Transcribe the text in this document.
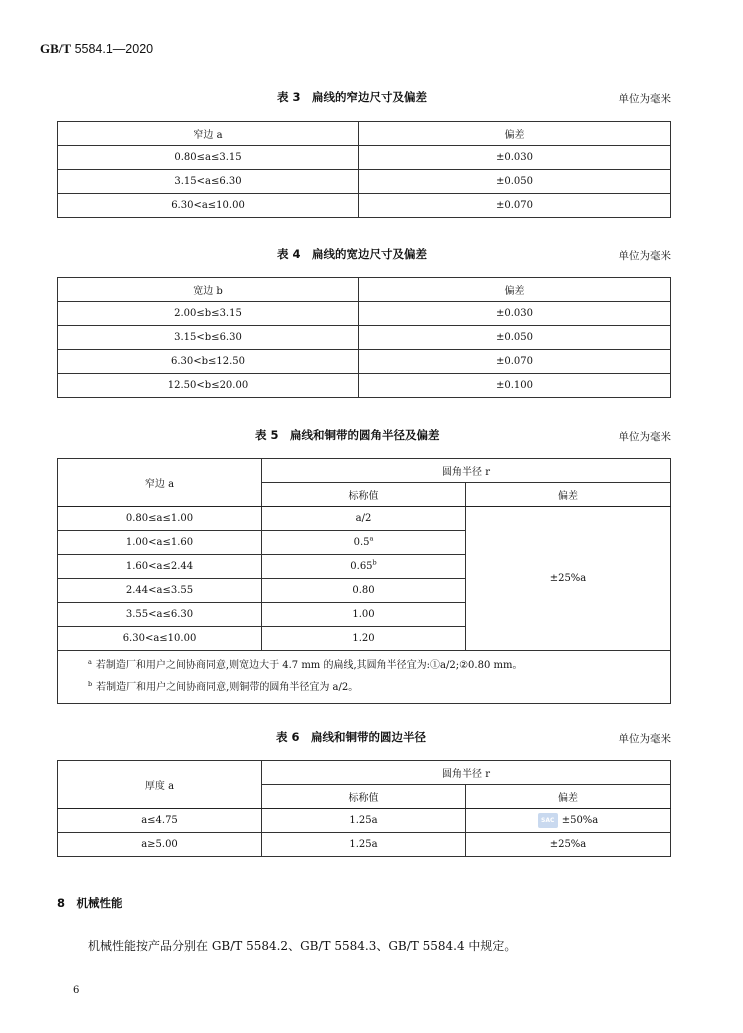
GB/T 5584.1—2020
表 3　扁线的窄边尺寸及偏差	单位为毫米
窄边 a	偏差
0.80≤a≤3.15	±0.030
3.15<a≤6.30	±0.050
6.30<a≤10.00	±0.070
表 4　扁线的宽边尺寸及偏差	单位为毫米
宽边 b	偏差
2.00≤b≤3.15	±0.030
3.15<b≤6.30	±0.050
6.30<b≤12.50	±0.070
12.50<b≤20.00	±0.100
表 5　扁线和铜带的圆角半径及偏差	单位为毫米
窄边 a	圆角半径 r	
	标称值	偏差
0.80≤a≤1.00	a/2	±25%a
1.00<a≤1.60	0.5$^a$
1.60<a≤2.44	0.65$^b$
2.44<a≤3.55	0.80	
3.55<a≤6.30	1.00	
6.30<a≤10.00	1.20	

$^a$ 若制造厂和用户之间协商同意,则宽边大于 4.7 mm 的扁线,其圆角半径宜为:①a/2;②0.80 mm。
$^b$ 若制造厂和用户之间协商同意,则铜带的圆角半径宜为 a/2。		
表 6　扁线和铜带的圆边半径	单位为毫米
厚度 a	圆角半径 r	
	标称值	偏差
a≤4.75	1.25a	SAC ±50%a
a≥5.00	1.25a	±25%a
8　机械性能
机械性能按产品分别在 GB/T 5584.2、GB/T 5584.3、GB/T 5584.4 中规定。
6
